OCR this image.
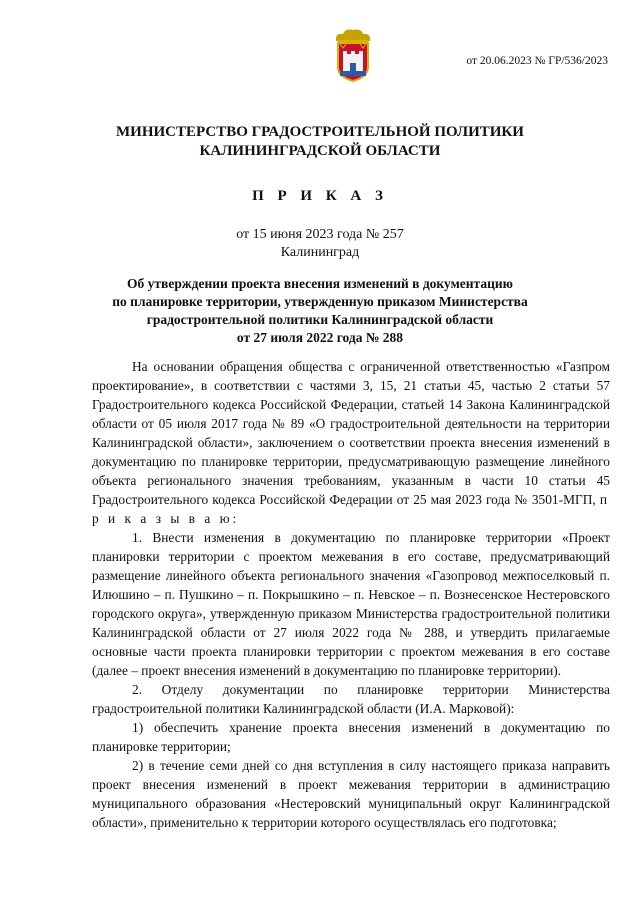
от 20.06.2023 № ГР/536/2023
МИНИСТЕРСТВО ГРАДОСТРОИТЕЛЬНОЙ ПОЛИТИКИ
КАЛИНИНГРАДСКОЙ ОБЛАСТИ
П Р И К А З
от 15 июня 2023 года № 257
Калининград
Об утверждении проекта внесения изменений в документацию
по планировке территории, утвержденную приказом Министерства
градостроительной политики Калининградской области
от 27 июля 2022 года № 288

На основании обращения общества с ограниченной ответственностью «Газпром проектирование», в соответствии с частями 3, 15, 21 статьи 45, частью 2 статьи 57 Градостроительного кодекса Российской Федерации, статьей 14 Закона Калининградской области от 05 июля 2017 года № 89 «О градостроительной деятельности на территории Калининградской области», заключением о соответствии проекта внесения изменений в документацию по планировке территории, предусматривающую размещение линейного объекта регионального значения требованиям, указанным в части 10 статьи 45 Градостроительного кодекса Российской Федерации от 25 мая 2023 года № 3501-МГП, п р и к а з ы в а ю:

1. Внести изменения в документацию по планировке территории «Проект планировки территории с проектом межевания в его составе, предусматривающий размещение линейного объекта регионального значения «Газопровод межпоселковый п. Илюшино – п. Пушкино – п. Покрышкино – п. Невское – п. Вознесенское Нестеровского городского округа», утвержденную приказом Министерства градостроительной политики Калининградской области от 27 июля 2022 года № 288, и утвердить прилагаемые основные части проекта планировки территории с проектом межевания в его составе (далее – проект внесения изменений в документацию по планировке территории).

2. Отделу документации по планировке территории Министерства градостроительной политики Калининградской области (И.А. Марковой):

1) обеспечить хранение проекта внесения изменений в документацию по планировке территории;

2) в течение семи дней со дня вступления в силу настоящего приказа направить проект внесения изменений в проект межевания территории в администрацию муниципального образования «Нестеровский муниципальный округ Калининградской области», применительно к территории которого осуществлялась его подготовка;
